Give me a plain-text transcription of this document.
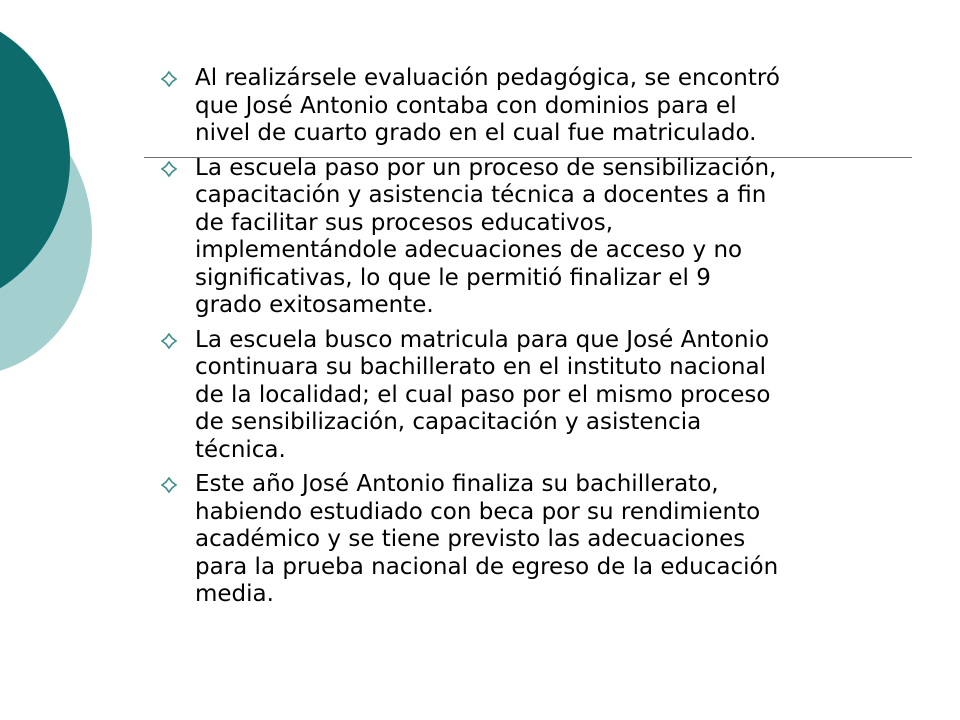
Al realizársele evaluación pedagógica, se encontró
que José Antonio contaba con dominios para el
nivel de cuarto grado en el cual fue matriculado.
La escuela paso por un proceso de sensibilización,
capacitación y asistencia técnica a docentes a fin
de facilitar sus procesos educativos,
implementándole adecuaciones de acceso y no
significativas, lo que le permitió finalizar el 9
grado exitosamente.
La escuela busco matricula para que José Antonio
continuara su bachillerato en el instituto nacional
de la localidad; el cual paso por el mismo proceso
de sensibilización, capacitación y asistencia
técnica.
Este año José Antonio finaliza su bachillerato,
habiendo estudiado con beca por su rendimiento
académico y se tiene previsto las adecuaciones
para la prueba nacional de egreso de la educación
media.
